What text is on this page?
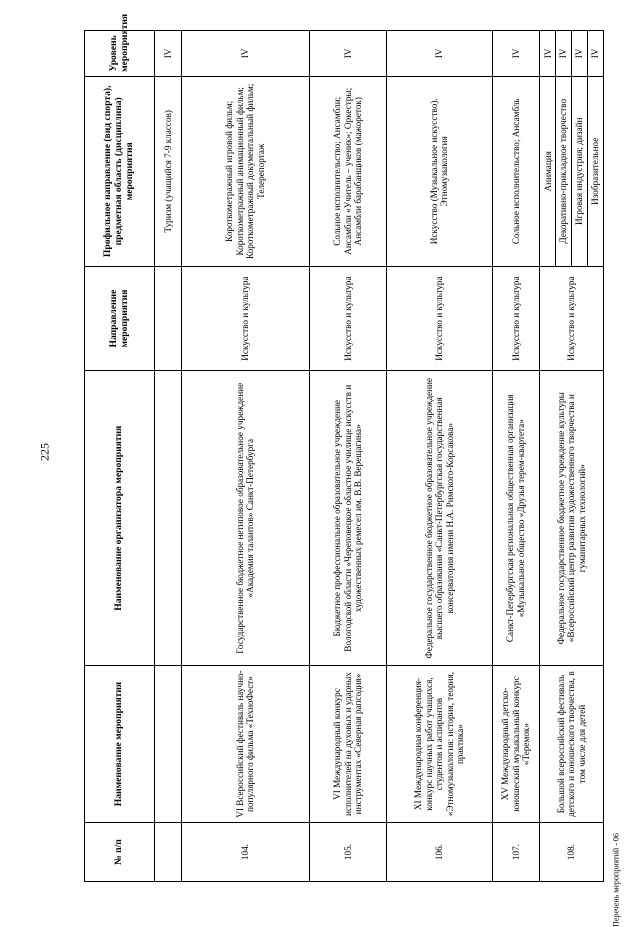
225
Перечень мероприятий - 06
№ п/п	Наименование мероприятия	Наименование организатора мероприятия	Направление мероприятия	Профильное направление (вид спорта), предметная область (дисциплина) мероприятия	Уровень мероприятия
				Туризм (учащийся 7-9 классов)	IV
104.	VI Всероссийский фестиваль научно-популярного фильма «ТехноФест»	Государственное бюджетное нетиповое образовательное учреждение «Академия талантов» Санкт-Петербурга	Искусство и культура	Короткометражный игровой фильм; Короткометражный анимационный фильм; Короткометражный документальный фильм; Телерепортаж	IV
105.	VI Международный конкурс исполнителей на духовых и ударных инструментах «Северная рапсодия»	Бюджетное профессиональное образовательное учреждение Вологодской области «Череповецкое областное училище искусств и художественных ремесел им. В.В. Верещагина»	Искусство и культура	Сольное исполнительство; Ансамбли; Ансамбли «Учитель – ученик»; Оркестры; Ансамбли барабанщиков (мажореток)	IV
106.	XI Международная конференция-конкурс научных работ учащихся, студентов и аспирантов «Этномузыкология: история, теория, практика»	Федеральное государственное бюджетное образовательное учреждение высшего образования «Санкт-Петербургская государственная консерватория имени Н.А. Римского-Корсакова»	Искусство и культура	Искусство (Музыкальное искусство). Этномузыкология	IV
107.	XV Международный детско-юношеский музыкальный конкурс «Теремок»	Санкт-Петербургская региональная общественная организация «Музыкальное общество «Друзья терем-квартета»	Искусство и культура	Сольное исполнительство; Ансамбль	IV
108.	Большой всероссийский фестиваль детского и юношеского творчества, в том числе для детей	Федеральное государственное бюджетное учреждение культуры «Всероссийский центр развития художественного творчества и гуманитарных технологий»	Искусство и культура	Анимация	IV
				Декоративно-прикладное творчество	IV
				Игровая индустрия; дизайн	IV
				Изобразительное	IV
